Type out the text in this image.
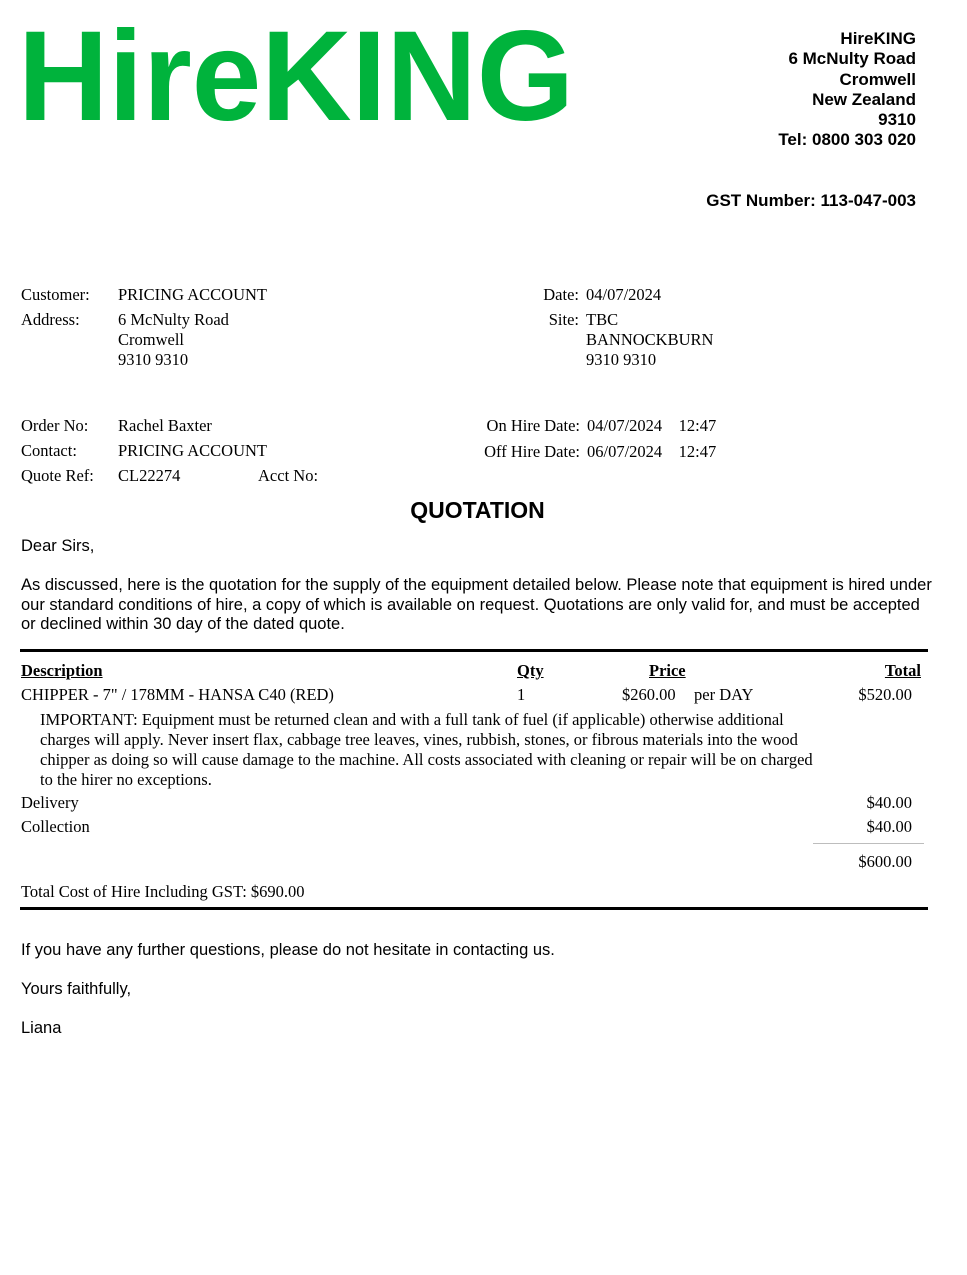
HireKING	HireKING
6 McNulty Road
Cromwell
New Zealand
9310
Tel: 0800 303 020
GST Number: 113-047-003
Customer: PRICING ACCOUNT
Address: 6 McNulty Road
Cromwell
9310 9310
Date: 04/07/2024
Site: TBC
BANNOCKBURN
9310 9310
Order No: Rachel Baxter
Contact: PRICING ACCOUNT
Quote Ref: CL22274	Acct No:
On Hire Date: 04/07/2024    12:47
Off Hire Date: 06/07/2024    12:47
QUOTATION
Dear Sirs,
As discussed, here is the quotation for the supply of the equipment detailed below. Please note that equipment is hired under our standard conditions of hire, a copy of which is available on request. Quotations are only valid for, and must be accepted or declined within 30 day of the dated quote.
Description	Qty	Price	Total
CHIPPER - 7" / 178MM - HANSA C40 (RED)	1	$260.00 per DAY	$520.00
IMPORTANT: Equipment must be returned clean and with a full tank of fuel (if applicable) otherwise additional charges will apply. Never insert flax, cabbage tree leaves, vines, rubbish, stones, or fibrous materials into the wood chipper as doing so will cause damage to the machine. All costs associated with cleaning or repair will be on charged to the hirer no exceptions.
Delivery	$40.00
Collection	$40.00
$600.00
Total Cost of Hire Including GST: $690.00
If you have any further questions, please do not hesitate in contacting us.
Yours faithfully,
Liana
